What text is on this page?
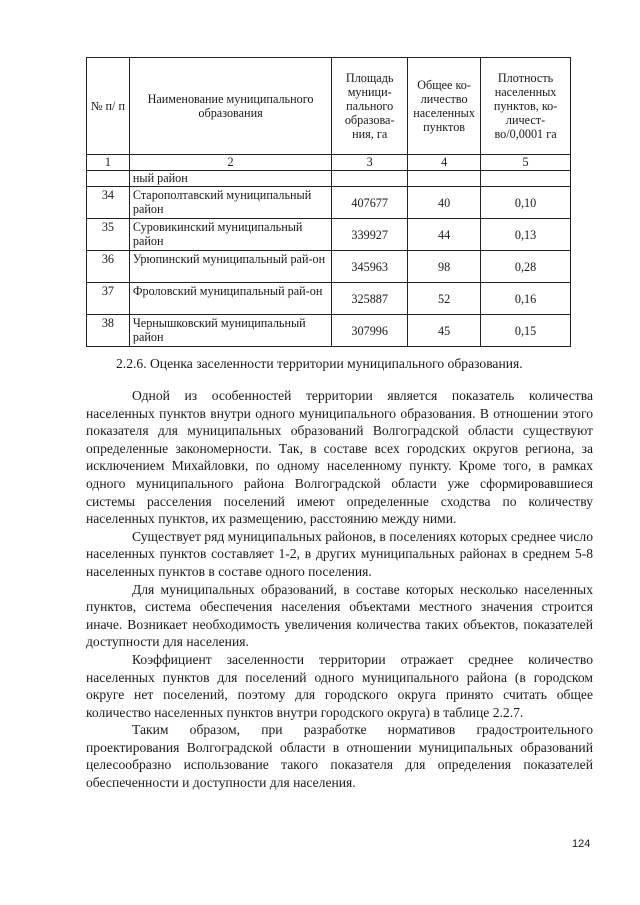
№ п/ п	Наименование муниципального образования	Площадь муници-пального образова-ния, га	Общее ко-личество населенных пунктов	Плотность населенных пунктов, ко-личест-во/0,0001 га
1	2	3	4	5
	ный район			
34	Старополтавский муниципальный район	407677	40	0,10
35	Суровикинский муниципальный район	339927	44	0,13
36	Урюпинский муниципальный рай-он	345963	98	0,28
37	Фроловский муниципальный рай-он	325887	52	0,16
38	Чернышковский муниципальный район	307996	45	0,15
2.2.6. Оценка заселенности территории муниципального образования.

Одной из особенностей территории является показатель количества населенных пунктов внутри одного муниципального образования. В отношении этого показателя для муниципальных образований Волгоградской области существуют определенные закономерности. Так, в составе всех городских округов региона, за исключением Михайловки, по одному населенному пункту. Кроме того, в рамках одного муниципального района Волгоградской области уже сформировавшиеся системы расселения поселений имеют определенные сходства по количеству населенных пунктов, их размещению, расстоянию между ними.

Существует ряд муниципальных районов, в поселениях которых среднее число населенных пунктов составляет 1-2, в других муниципальных районах в среднем 5-8 населенных пунктов в составе одного поселения.

Для муниципальных образований, в составе которых несколько населенных пунктов, система обеспечения населения объектами местного значения строится иначе. Возникает необходимость увеличения количества таких объектов, показателей доступности для населения.

Коэффициент заселенности территории отражает среднее количество населенных пунктов для поселений одного муниципального района (в городском округе нет поселений, поэтому для городского округа принято считать общее количество населенных пунктов внутри городского округа) в таблице 2.2.7.

Таким образом, при разработке нормативов градостроительного проектирования Волгоградской области в отношении муниципальных образований целесообразно использование такого показателя для определения показателей обеспеченности и доступности для населения.

124
